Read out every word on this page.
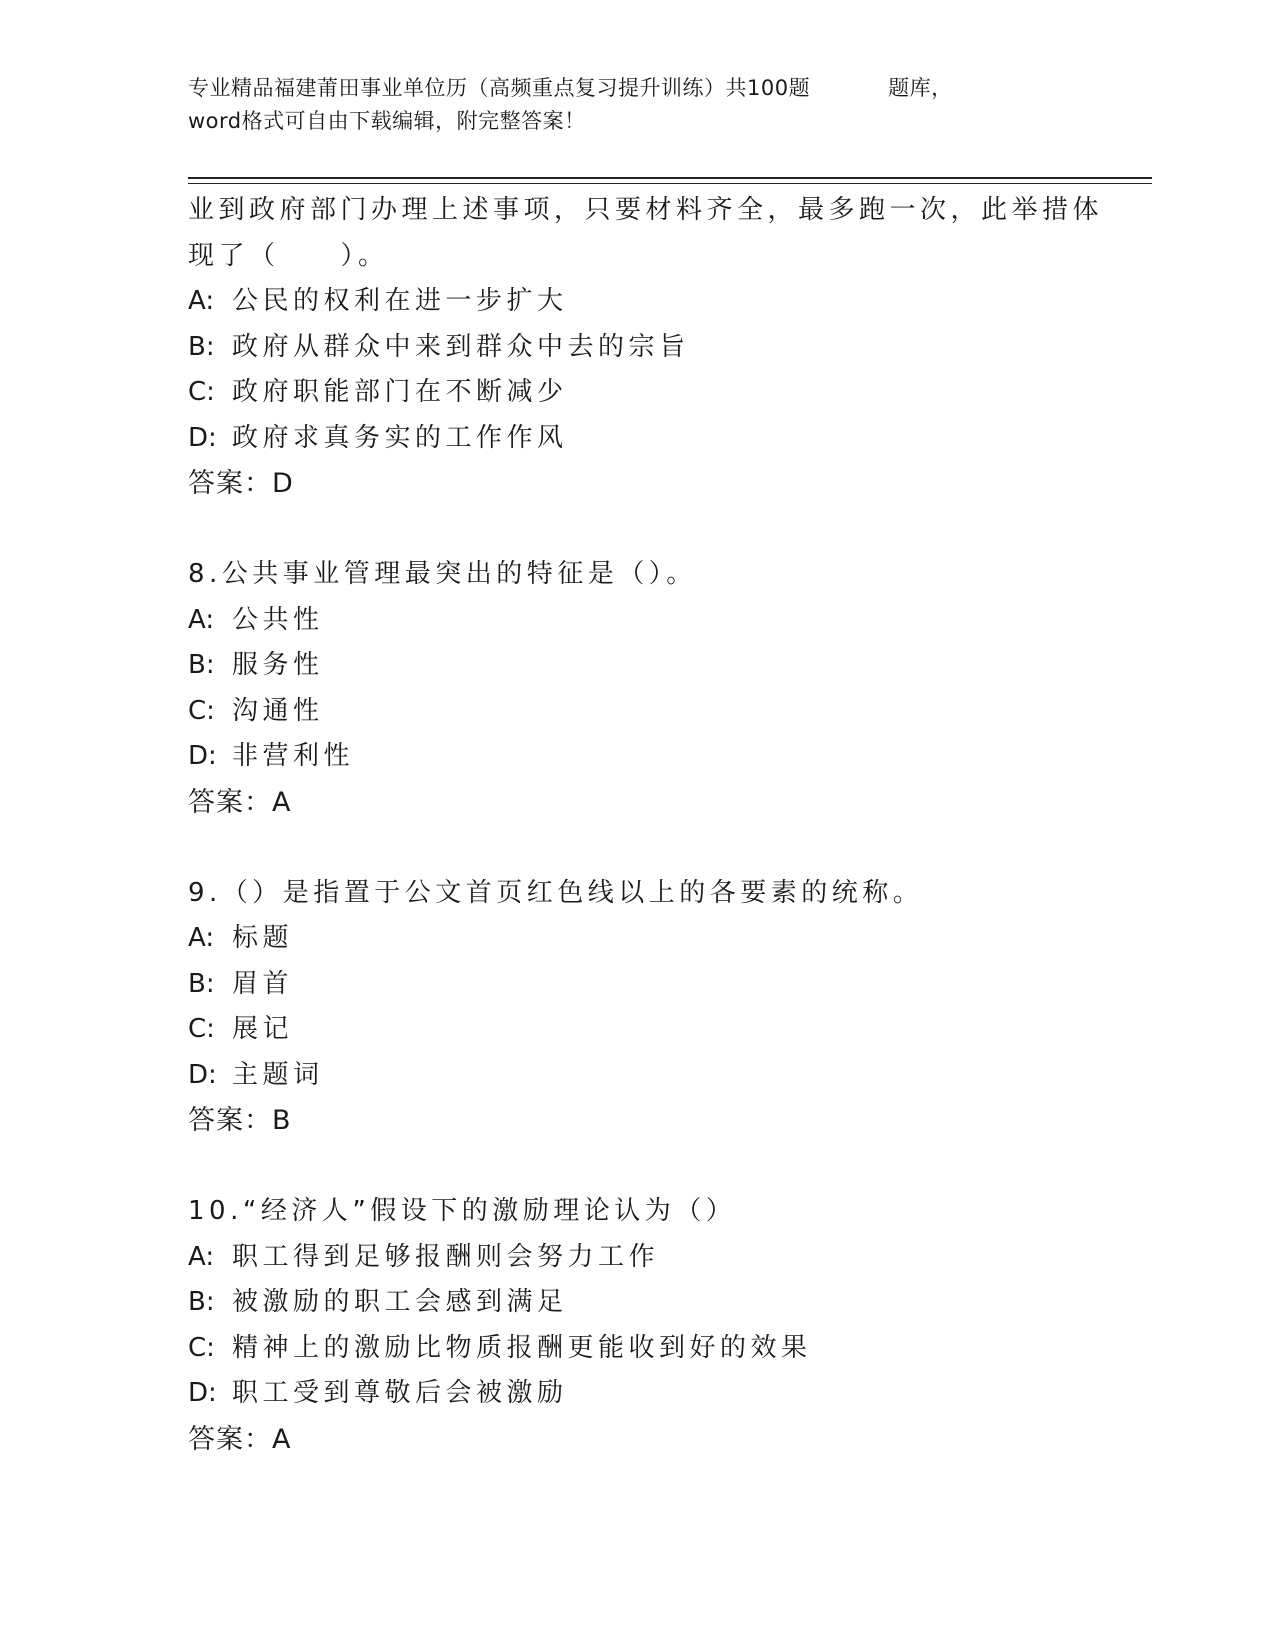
专业精品福建莆田事业单位历（高频重点复习提升训练）共100题	题库，
word格式可自由下载编辑，附完整答案！
业到政府部门办理上述事项，只要材料齐全，最多跑一次，此举措体
现了（　　）。
A: 公民的权利在进一步扩大
B: 政府从群众中来到群众中去的宗旨
C: 政府职能部门在不断减少
D: 政府求真务实的工作作风
答案：D
8.公共事业管理最突出的特征是（）。
A: 公共性
B: 服务性
C: 沟通性
D: 非营利性
答案：A
9.（）是指置于公文首页红色线以上的各要素的统称。
A: 标题
B: 眉首
C: 展记
D: 主题词
答案：B
10.“经济人”假设下的激励理论认为（）
A: 职工得到足够报酬则会努力工作
B: 被激励的职工会感到满足
C: 精神上的激励比物质报酬更能收到好的效果
D: 职工受到尊敬后会被激励
答案：A
